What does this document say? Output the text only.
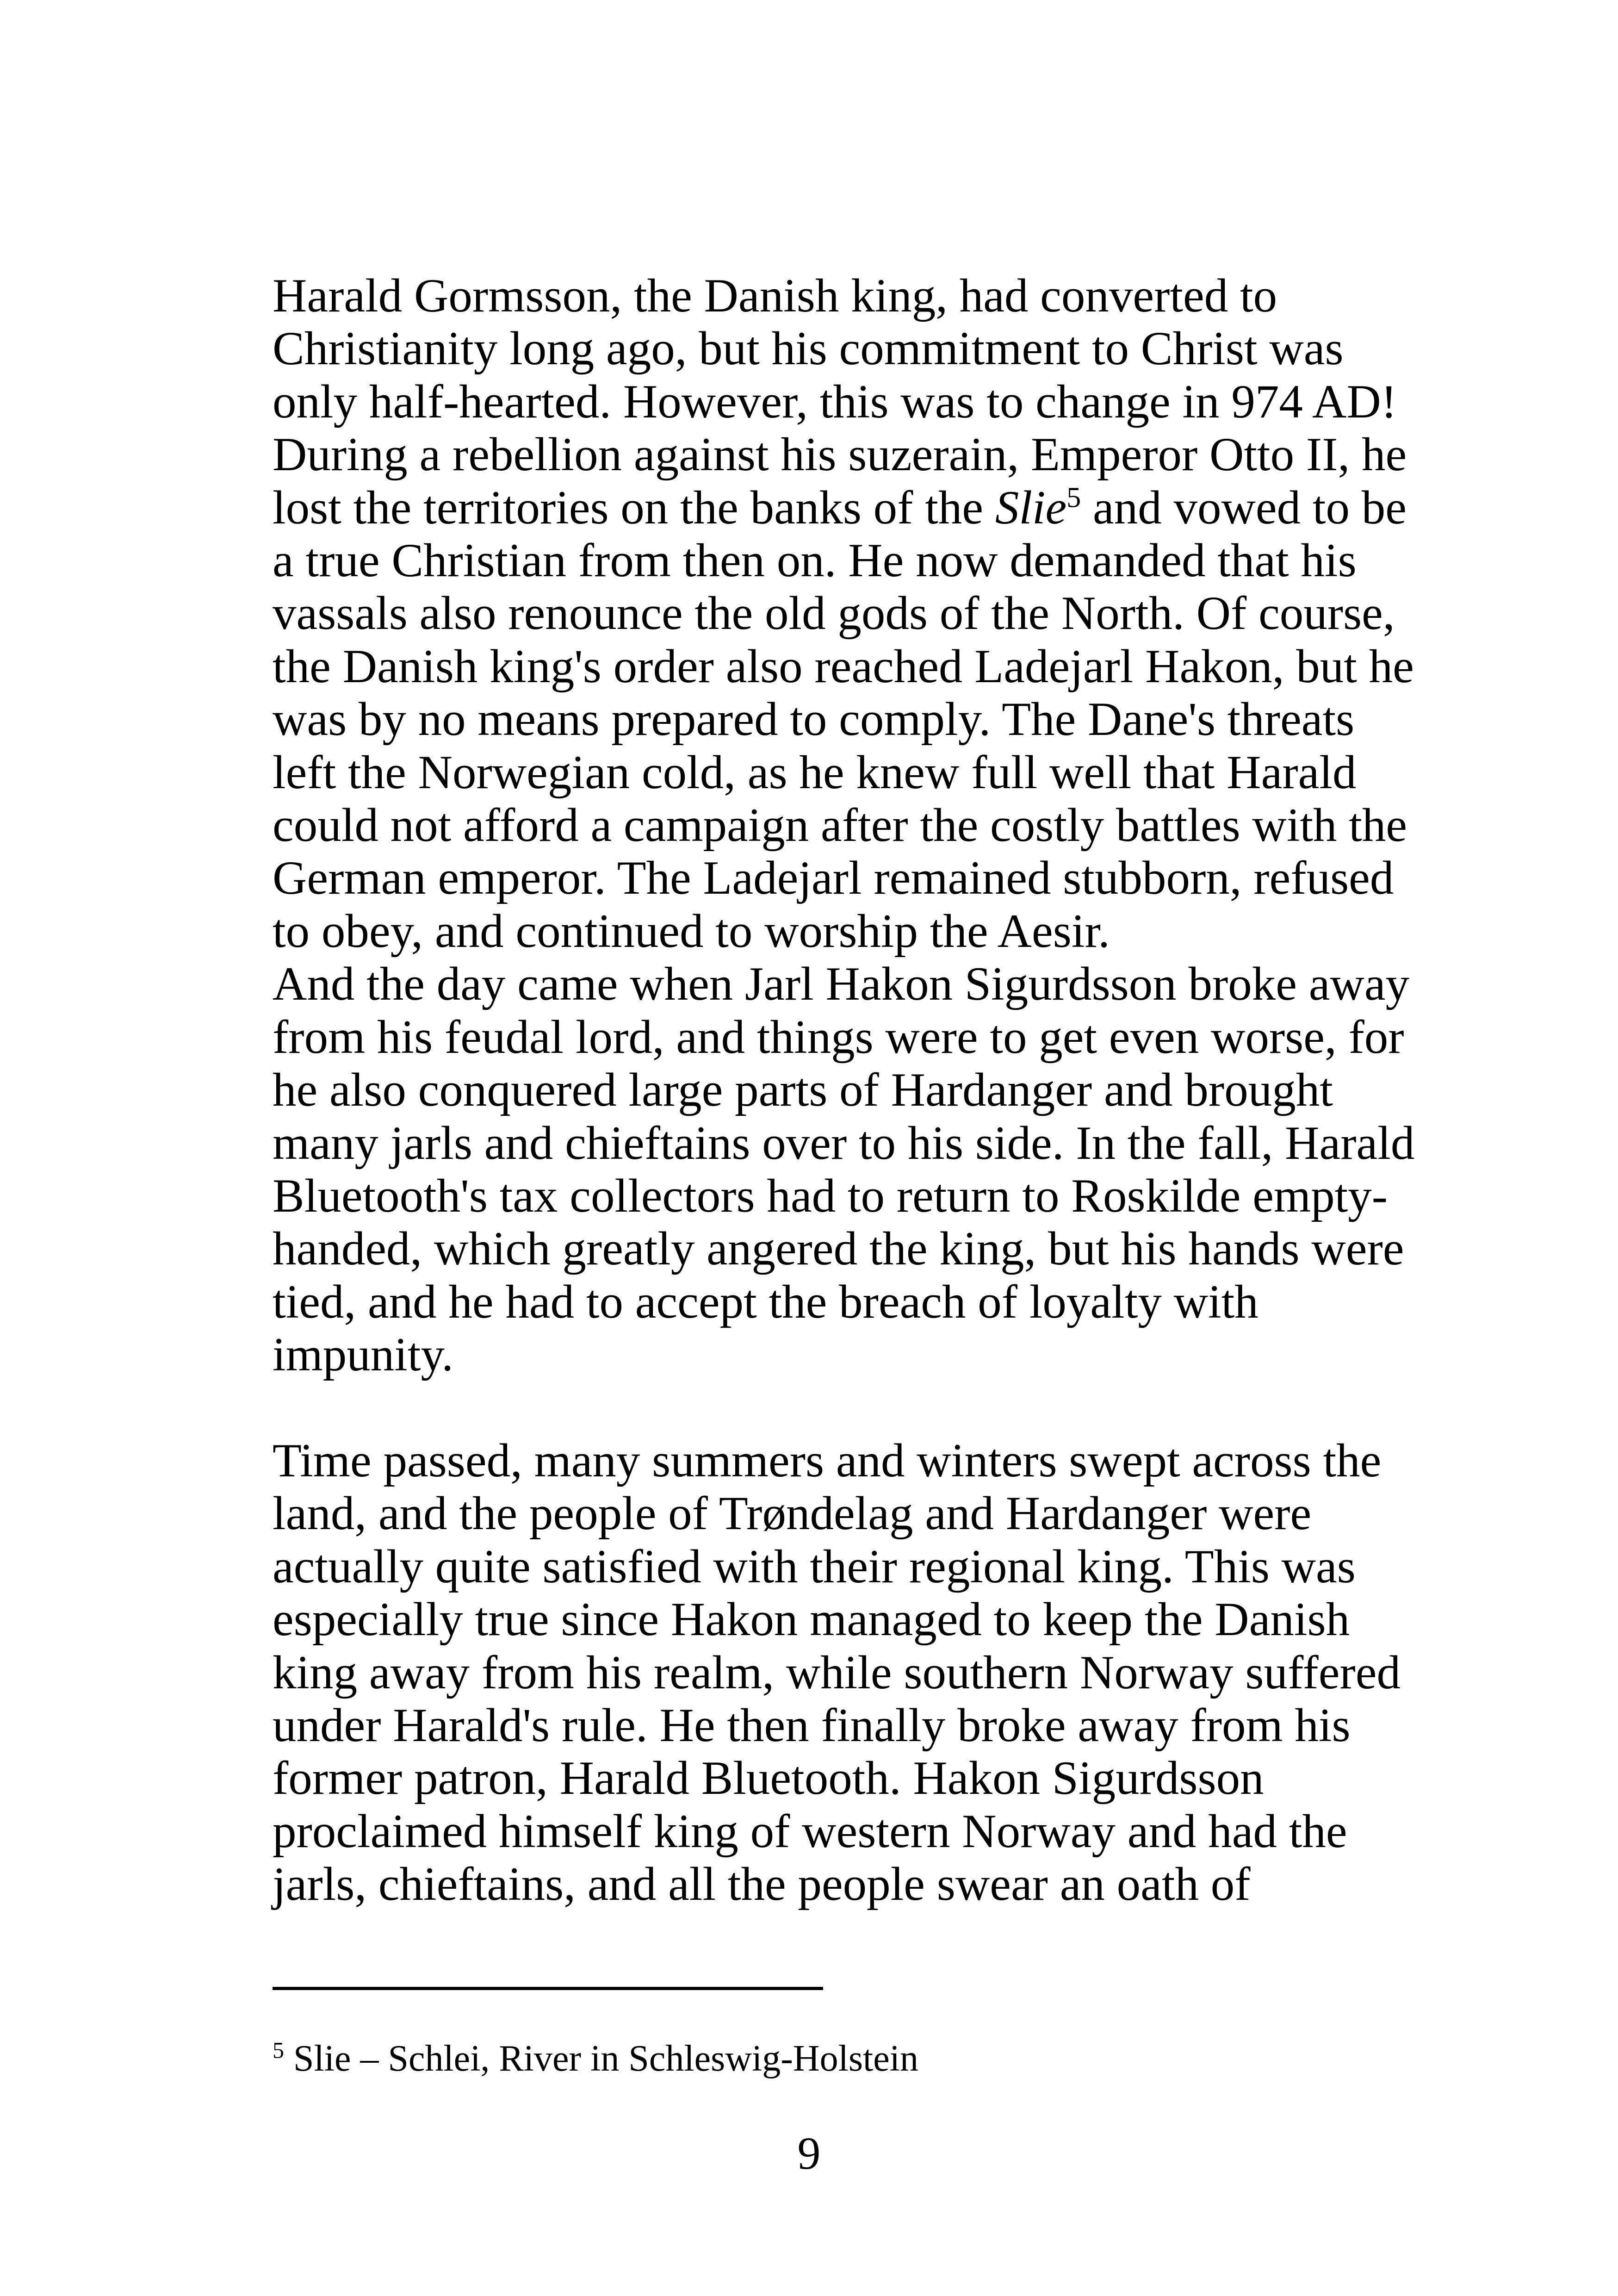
Harald Gormsson, the Danish king, had converted to
Christianity long ago, but his commitment to Christ was
only half-hearted. However, this was to change in 974 AD!
During a rebellion against his suzerain, Emperor Otto II, he
lost the territories on the banks of the Slie$^5$ and vowed to be
a true Christian from then on. He now demanded that his
vassals also renounce the old gods of the North. Of course,
the Danish king's order also reached Ladejarl Hakon, but he
was by no means prepared to comply. The Dane's threats
left the Norwegian cold, as he knew full well that Harald
could not afford a campaign after the costly battles with the
German emperor. The Ladejarl remained stubborn, refused
to obey, and continued to worship the Aesir.
And the day came when Jarl Hakon Sigurdsson broke away
from his feudal lord, and things were to get even worse, for
he also conquered large parts of Hardanger and brought
many jarls and chieftains over to his side. In the fall, Harald
Bluetooth's tax collectors had to return to Roskilde empty-
handed, which greatly angered the king, but his hands were
tied, and he had to accept the breach of loyalty with
impunity.
Time passed, many summers and winters swept across the
land, and the people of Trøndelag and Hardanger were
actually quite satisfied with their regional king. This was
especially true since Hakon managed to keep the Danish
king away from his realm, while southern Norway suffered
under Harald's rule. He then finally broke away from his
former patron, Harald Bluetooth. Hakon Sigurdsson
proclaimed himself king of western Norway and had the
jarls, chieftains, and all the people swear an oath of
$^5$ Slie – Schlei, River in Schleswig-Holstein
9
